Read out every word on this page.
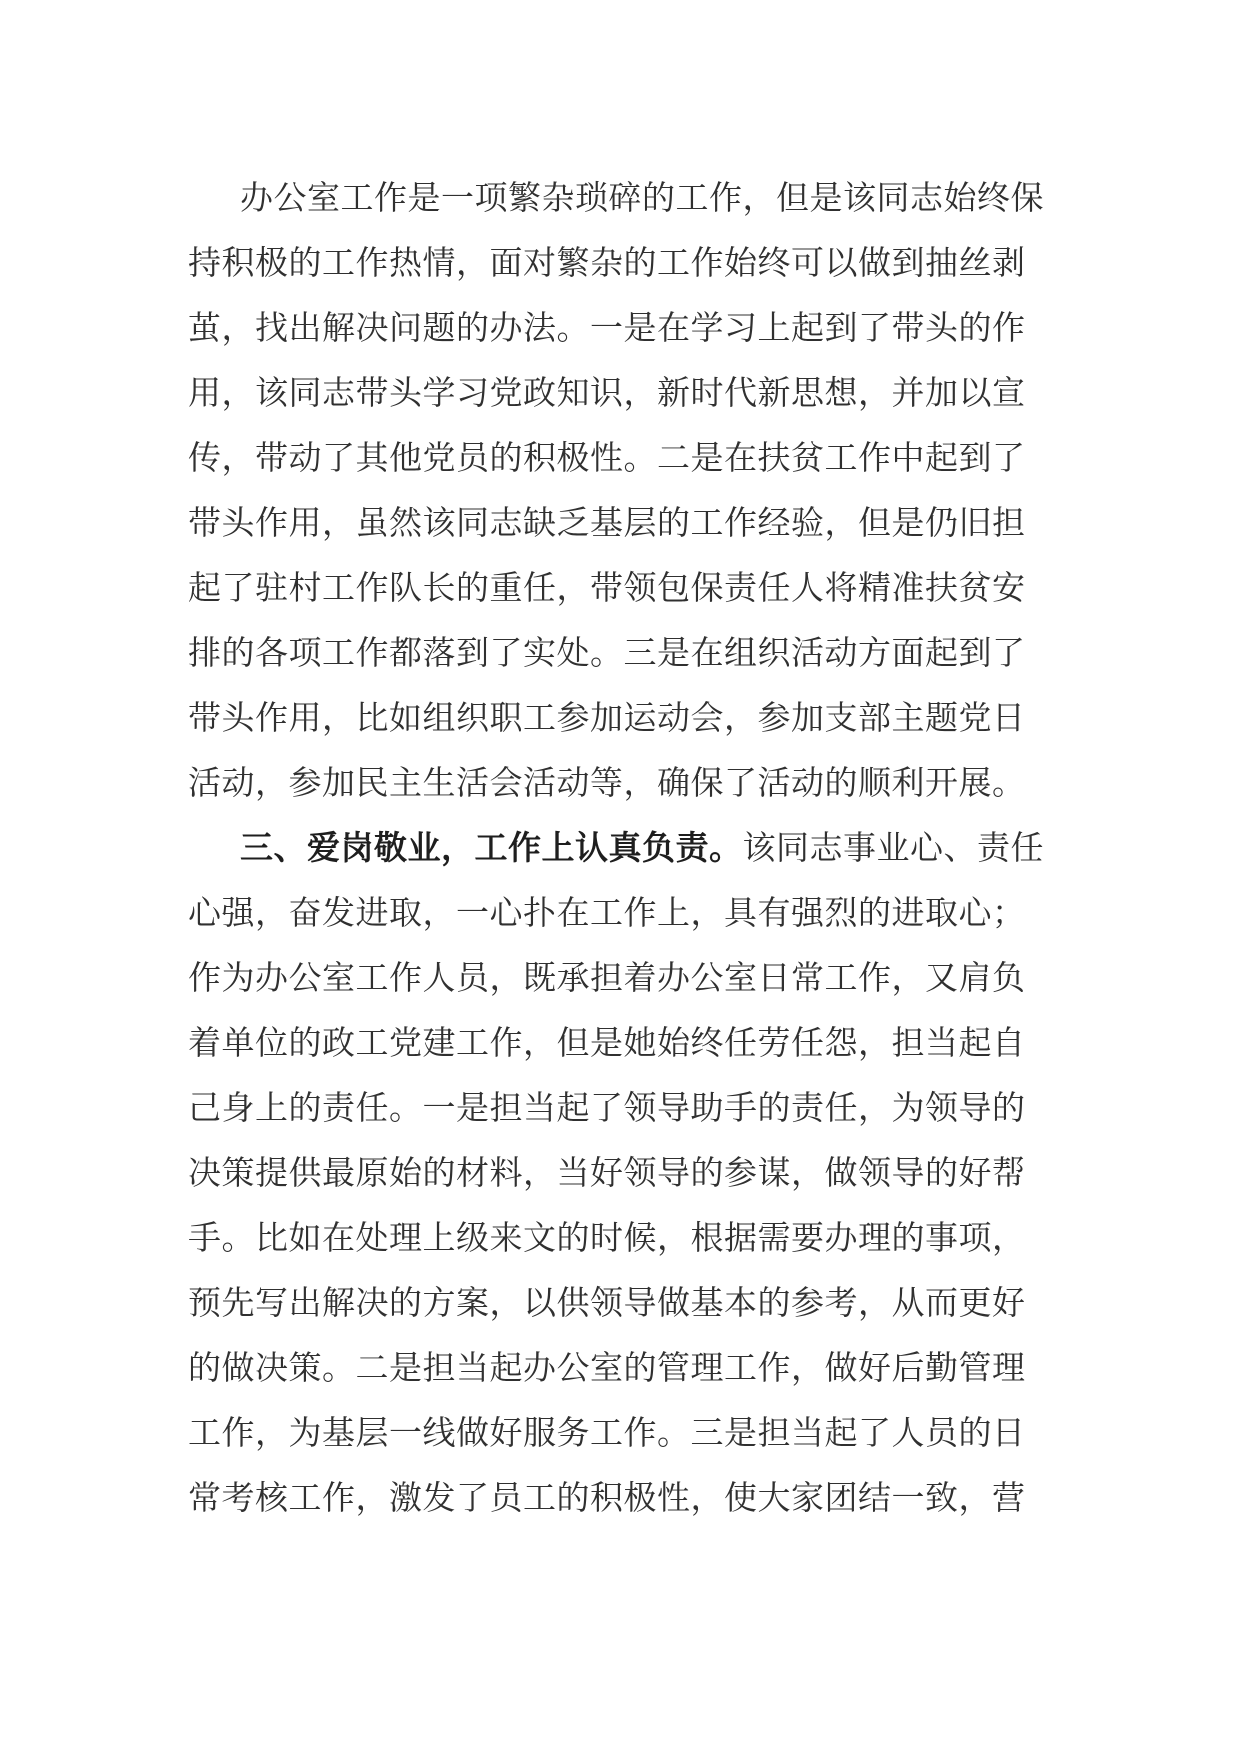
办公室工作是一项繁杂琐碎的工作，但是该同志始终保
持积极的工作热情，面对繁杂的工作始终可以做到抽丝剥
茧，找出解决问题的办法。一是在学习上起到了带头的作
用，该同志带头学习党政知识，新时代新思想，并加以宣
传，带动了其他党员的积极性。二是在扶贫工作中起到了
带头作用，虽然该同志缺乏基层的工作经验，但是仍旧担
起了驻村工作队长的重任，带领包保责任人将精准扶贫安
排的各项工作都落到了实处。三是在组织活动方面起到了
带头作用，比如组织职工参加运动会，参加支部主题党日
活动，参加民主生活会活动等，确保了活动的顺利开展。
三、爱岗敬业，工作上认真负责。该同志事业心、责任
心强，奋发进取，一心扑在工作上，具有强烈的进取心；
作为办公室工作人员，既承担着办公室日常工作，又肩负
着单位的政工党建工作，但是她始终任劳任怨，担当起自
己身上的责任。一是担当起了领导助手的责任，为领导的
决策提供最原始的材料，当好领导的参谋，做领导的好帮
手。比如在处理上级来文的时候，根据需要办理的事项，
预先写出解决的方案，以供领导做基本的参考，从而更好
的做决策。二是担当起办公室的管理工作，做好后勤管理
工作，为基层一线做好服务工作。三是担当起了人员的日
常考核工作，激发了员工的积极性，使大家团结一致，营
